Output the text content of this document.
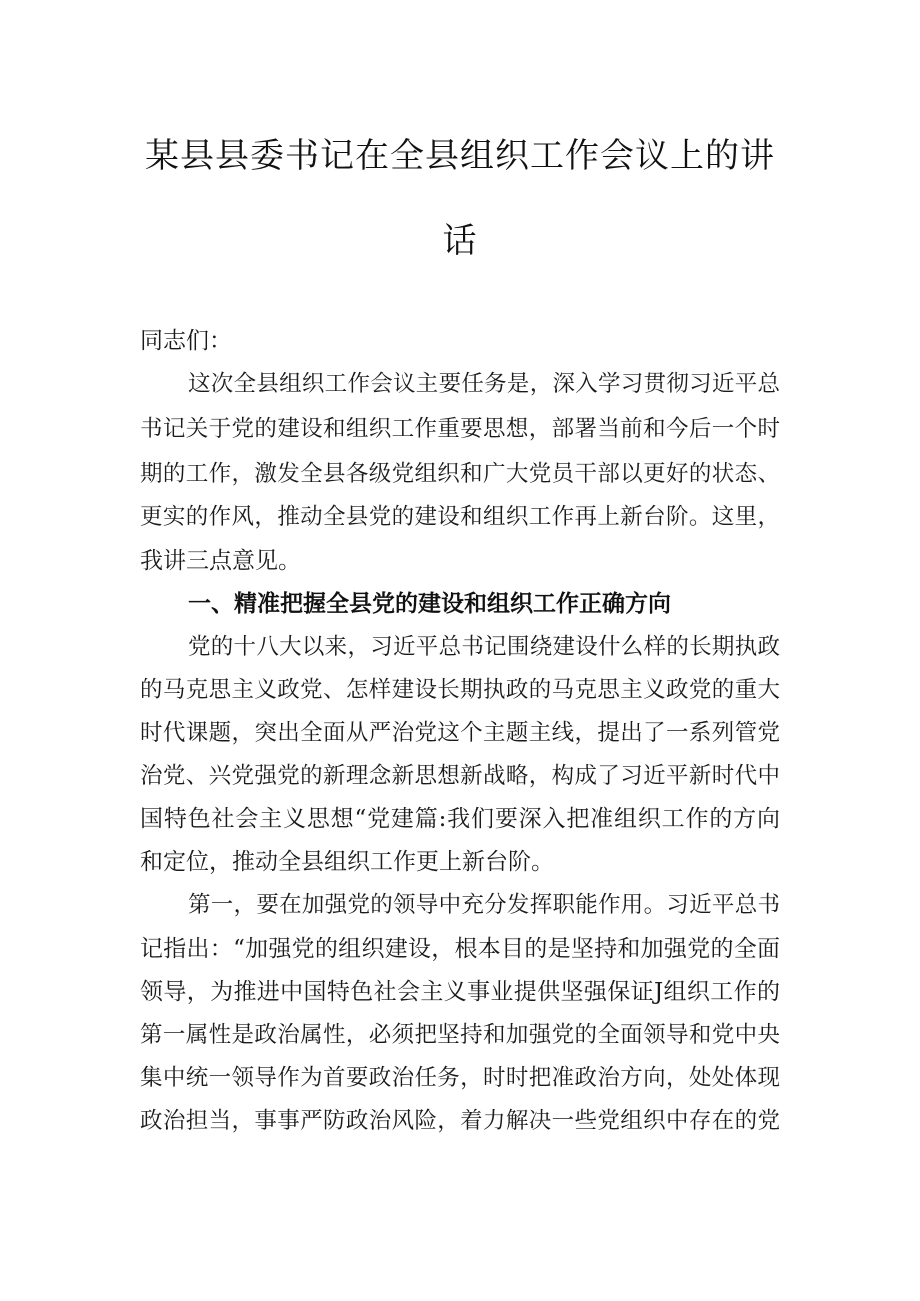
某县县委书记在全县组织工作会议上的讲
话
同志们：
这次全县组织工作会议主要任务是，深入学习贯彻习近平总
书记关于党的建设和组织工作重要思想，部署当前和今后一个时
期的工作，激发全县各级党组织和广大党员干部以更好的状态、
更实的作风，推动全县党的建设和组织工作再上新台阶。这里，
我讲三点意见。
一、精准把握全县党的建设和组织工作正确方向
党的十八大以来，习近平总书记围绕建设什么样的长期执政
的马克思主义政党、怎样建设长期执政的马克思主义政党的重大
时代课题，突出全面从严治党这个主题主线，提出了一系列管党
治党、兴党强党的新理念新思想新战略，构成了习近平新时代中
国特色社会主义思想“党建篇:我们要深入把准组织工作的方向
和定位，推动全县组织工作更上新台阶。
第一，要在加强党的领导中充分发挥职能作用。习近平总书
记指出：“加强党的组织建设，根本目的是坚持和加强党的全面
领导，为推进中国特色社会主义事业提供坚强保证J组织工作的
第一属性是政治属性，必须把坚持和加强党的全面领导和党中央
集中统一领导作为首要政治任务，时时把准政治方向，处处体现
政治担当，事事严防政治风险，着力解决一些党组织中存在的党
